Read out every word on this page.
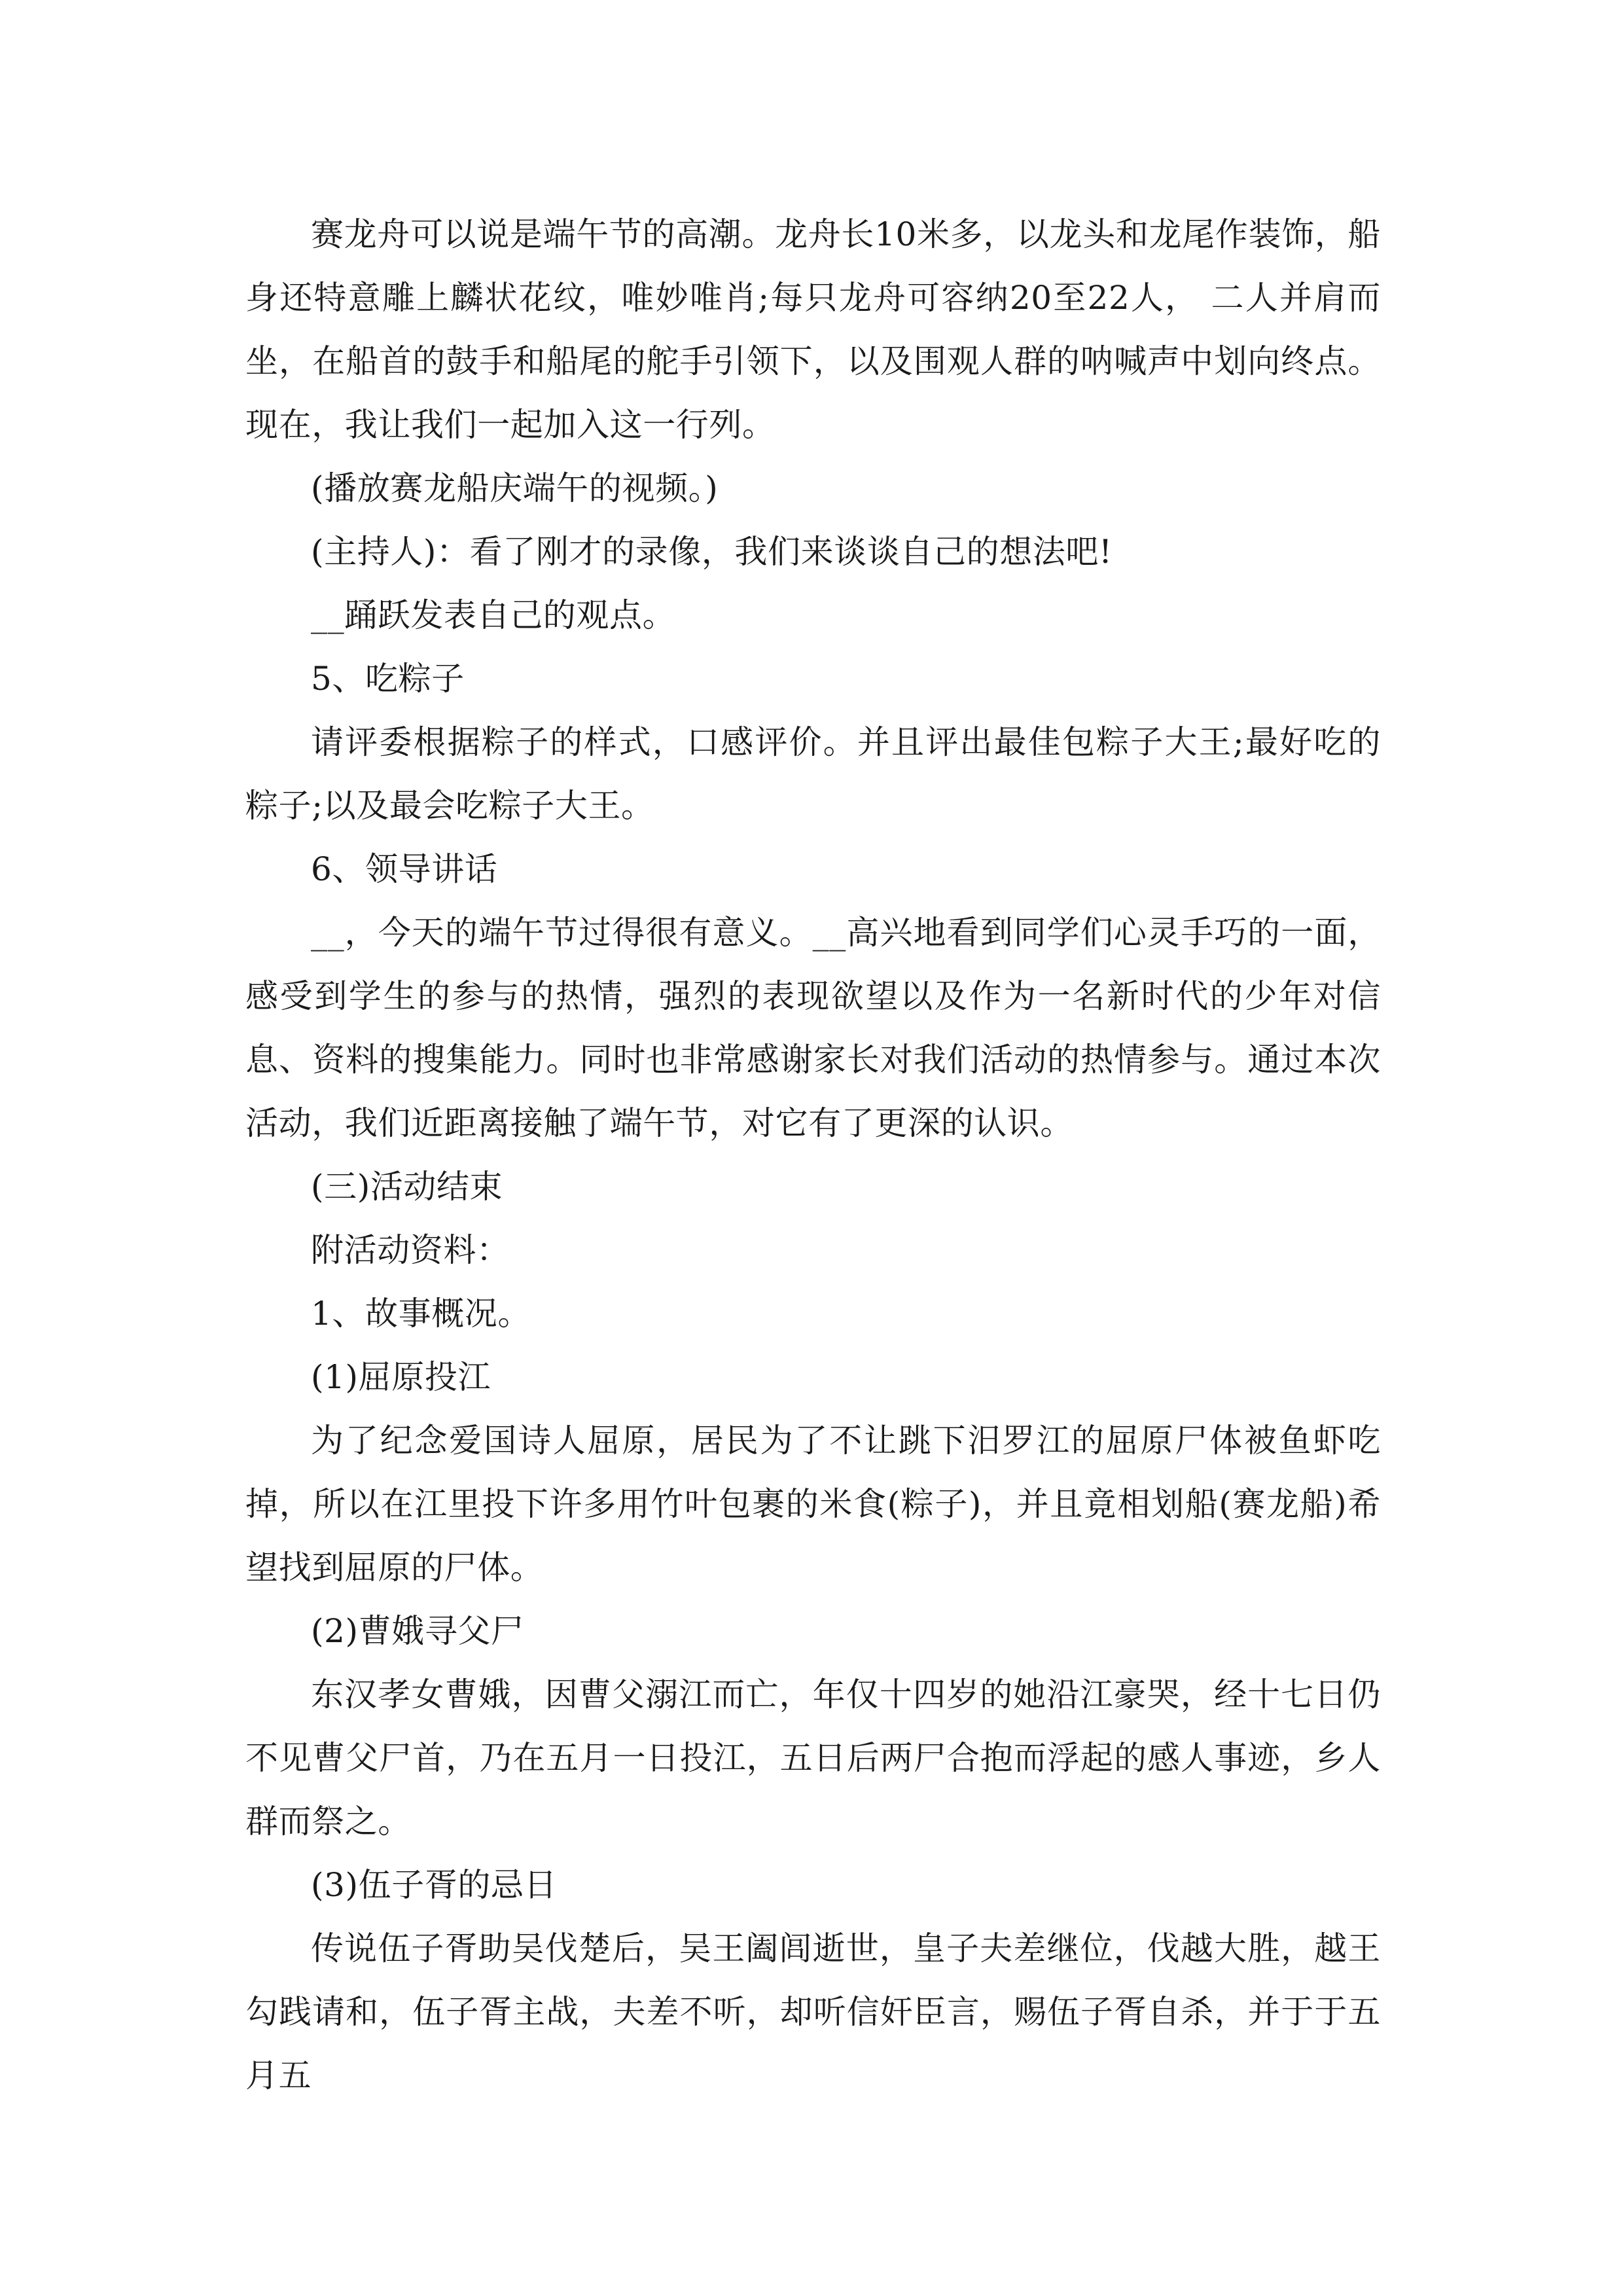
赛龙舟可以说是端午节的高潮。龙舟长10米多，以龙头和龙尾作装饰，船身还特意雕上麟状花纹，唯妙唯肖;每只龙舟可容纳20至22人， 二人并肩而坐，在船首的鼓手和船尾的舵手引领下，以及围观人群的呐喊声中划向终点。现在，我让我们一起加入这一行列。

(播放赛龙船庆端午的视频。)

(主持人)：看了刚才的录像，我们来谈谈自己的想法吧!

__踊跃发表自己的观点。

5、吃粽子

请评委根据粽子的样式，口感评价。并且评出最佳包粽子大王;最好吃的粽子;以及最会吃粽子大王。

6、领导讲话

__，今天的端午节过得很有意义。__高兴地看到同学们心灵手巧的一面，感受到学生的参与的热情，强烈的表现欲望以及作为一名新时代的少年对信息、资料的搜集能力。同时也非常感谢家长对我们活动的热情参与。通过本次活动，我们近距离接触了端午节，对它有了更深的认识。

(三)活动结束

附活动资料：

1、故事概况。

(1)屈原投江

为了纪念爱国诗人屈原，居民为了不让跳下汨罗江的屈原尸体被鱼虾吃掉，所以在江里投下许多用竹叶包裹的米食(粽子)，并且竟相划船(赛龙船)希望找到屈原的尸体。

(2)曹娥寻父尸

东汉孝女曹娥，因曹父溺江而亡，年仅十四岁的她沿江豪哭，经十七日仍不见曹父尸首，乃在五月一日投江，五日后两尸合抱而浮起的感人事迹，乡人群而祭之。

(3)伍子胥的忌日

传说伍子胥助吴伐楚后，吴王阖闾逝世，皇子夫差继位，伐越大胜，越王勾践请和，伍子胥主战，夫差不听，却听信奸臣言，赐伍子胥自杀，并于于五月五
